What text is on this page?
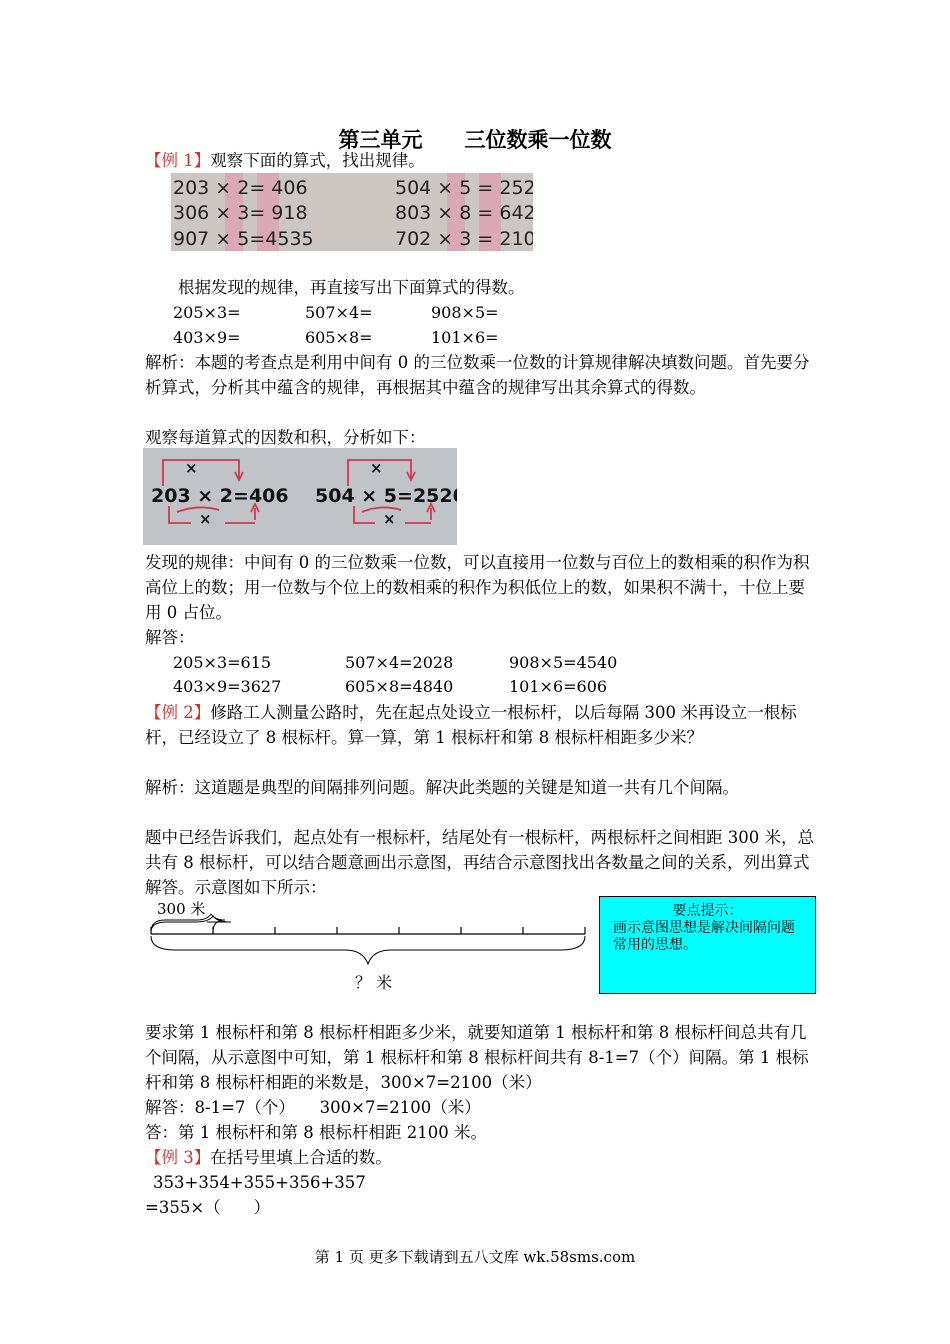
第三单元　　三位数乘一位数
【例 1】观察下面的算式，找出规律。
203 × 2= 406	504 × 5 = 2520
306 × 3= 918	803 × 8 = 6424
907 × 5=4535	702 × 3 = 2106
根据发现的规律，再直接写出下面算式的得数。
205×3=	507×4=	908×5=
403×9=	605×8=	101×6=
解析：本题的考查点是利用中间有 0 的三位数乘一位数的计算规律解决填数问题。首先要分析算式，分析其中蕴含的规律，再根据其中蕴含的规律写出其余算式的得数。
观察每道算式的因数和积，分析如下：
×
×
×
×
203 × 2=406 504 × 5=2520
发现的规律：中间有 0 的三位数乘一位数，可以直接用一位数与百位上的数相乘的积作为积高位上的数；用一位数与个位上的数相乘的积作为积低位上的数，如果积不满十，十位上要用 0 占位。
解答：
205×3=615	507×4=2028	908×5=4540
403×9=3627	605×8=4840	101×6=606
【例 2】修路工人测量公路时，先在起点处设立一根标杆，以后每隔 300 米再设立一根标杆，已经设立了 8 根标杆。算一算，第 1 根标杆和第 8 根标杆相距多少米？
解析：这道题是典型的间隔排列问题。解决此类题的关键是知道一共有几个间隔。
题中已经告诉我们，起点处有一根标杆，结尾处有一根标杆，两根标杆之间相距 300 米，总共有 8 根标杆，可以结合题意画出示意图，再结合示意图找出各数量之间的关系，列出算式解答。示意图如下所示：
300 米
？ 米
要点提示：
画示意图思想是解决间隔问题常用的思想。
要求第 1 根标杆和第 8 根标杆相距多少米，就要知道第 1 根标杆和第 8 根标杆间总共有几个间隔，从示意图中可知，第 1 根标杆和第 8 根标杆间共有 8-1=7（个）间隔。第 1 根标杆和第 8 根标杆相距的米数是，300×7=2100（米）
解答：8-1=7（个）　　300×7=2100（米）
答：第 1 根标杆和第 8 根标杆相距 2100 米。
【例 3】在括号里填上合适的数。
353+354+355+356+357
=355×（　　）
第 1 页 更多下载请到五八文库 wk.58sms.com
